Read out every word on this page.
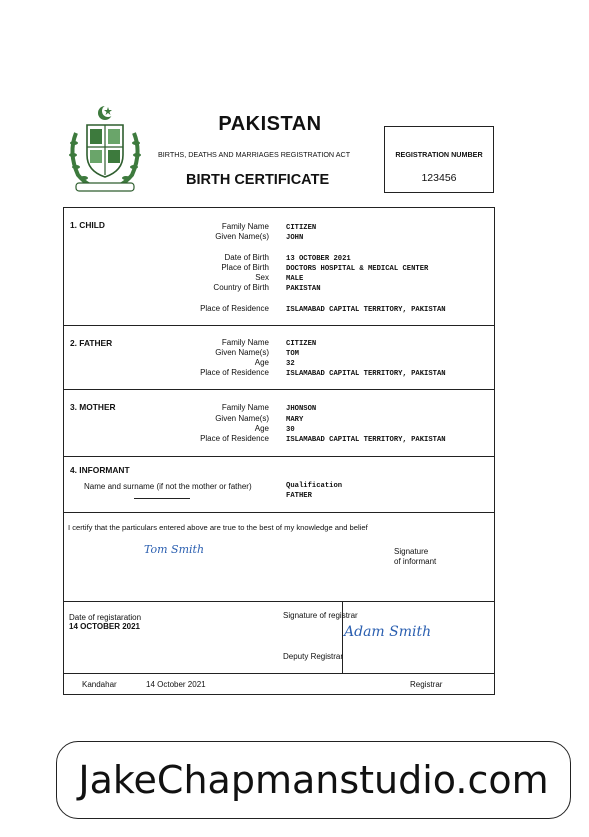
PAKISTAN
BIRTHS, DEATHS AND MARRIAGES REGISTRATION ACT
BIRTH CERTIFICATE
REGISTRATION NUMBER
123456
1. CHILD	Family Name CITIZEN
Given Name(s) JOHN
Date of Birth 13 OCTOBER 2021
Place of Birth DOCTORS HOSPITAL & MEDICAL CENTER
Sex MALE
Country of Birth PAKISTAN
Place of Residence ISLAMABAD CAPITAL TERRITORY, PAKISTAN
2. FATHER	Family Name CITIZEN
Given Name(s) TOM
Age 32
Place of Residence ISLAMABAD CAPITAL TERRITORY, PAKISTAN
3. MOTHER	Family Name JHONSON
Given Name(s) MARY
Age 30
Place of Residence ISLAMABAD CAPITAL TERRITORY, PAKISTAN
4. INFORMANT
Name and surname (if not the mother or father)	Qualification
FATHER
I certify that the particulars entered above are true to the best of my knowledge and belief
Tom Smith	Signature
of informant
Date of registaration
14 OCTOBER 2021
Signature of registrar
Adam Smith
Deputy Registrar
Kandahar	14 October 2021	Registrar
JakeChapmanstudio.com
